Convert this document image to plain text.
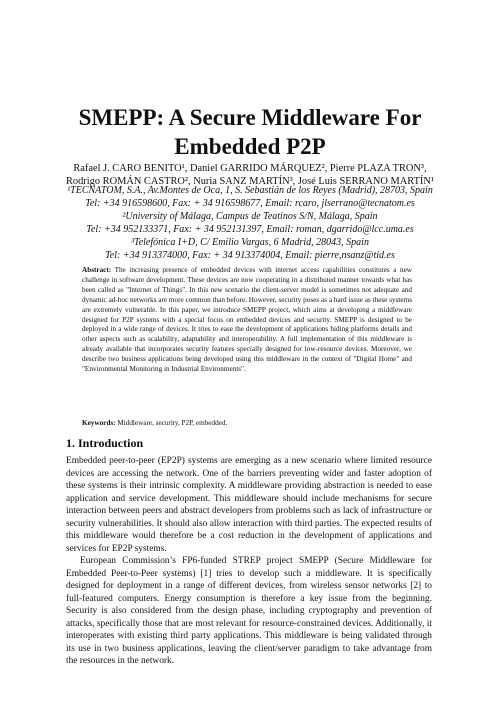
SMEPP: A Secure Middleware For
Embedded P2P
Rafael J. CARO BENITO¹, Daniel GARRIDO MÁRQUEZ², Pierre PLAZA TRON³,
Rodrigo ROMÁN CASTRO², Nuria SANZ MARTÍN³, José Luis SERRANO MARTÍN¹
¹TECNATOM, S.A., Av.Montes de Oca, 1, S. Sebastián de los Reyes (Madrid), 28703, Spain
Tel: +34 916598600, Fax: + 34 916598677, Email: rcaro, jlserrano@tecnatom.es
²University of Málaga, Campus de Teatinos S/N, Málaga, Spain
Tel: +34 952133371, Fax: + 34 952131397, Email: roman, dgarrido@lcc.uma.es
³Telefónica I+D, C/ Emilio Vargas, 6 Madrid, 28043, Spain
Tel: +34 913374000, Fax: + 34 913374004, Email: pierre,nsanz@tid.es
Abstract: The increasing presence of embedded devices with internet access capabilities constitutes a new challenge in software development. These devices are now cooperating in a distributed manner towards what has been called as "Internet of Things". In this new scenario the client-server model is sometimes not adequate and dynamic ad-hoc networks are more common than before. However, security poses as a hard issue as these systems are extremely vulnerable. In this paper, we introduce SMEPP project, which aims at developing a middleware designed for P2P systems with a special focus on embedded devices and security. SMEPP is designed to be deployed in a wide range of devices. It tries to ease the development of applications hiding platforms details and other aspects such as scalability, adaptability and interoperability. A full implementation of this middleware is already available that incorporates security features specially designed for low-resource devices. Moreover, we describe two business applications being developed using this middleware in the context of "Digital Home" and "Environmental Monitoring in Industrial Environments".
Keywords: Middleware, security, P2P, embedded.
1. Introduction

Embedded peer-to-peer (EP2P) systems are emerging as a new scenario where limited resource devices are accessing the network. One of the barriers preventing wider and faster adoption of these systems is their intrinsic complexity. A middleware providing abstraction is needed to ease application and service development. This middleware should include mechanisms for secure interaction between peers and abstract developers from problems such as lack of infrastructure or security vulnerabilities. It should also allow interaction with third parties. The expected results of this middleware would therefore be a cost reduction in the development of applications and services for EP2P systems.

European Commission’s FP6-funded STREP project SMEPP (Secure Middleware for Embedded Peer-to-Peer systems) [1] tries to develop such a middleware. It is specifically designed for deployment in a range of different devices, from wireless sensor networks [2] to full-featured computers. Energy consumption is therefore a key issue from the beginning. Security is also considered from the design phase, including cryptography and prevention of attacks, specifically those that are most relevant for resource-constrained devices. Additionally, it interoperates with existing third party applications. This middleware is being validated through its use in two business applications, leaving the client/server paradigm to take advantage from the resources in the network.
